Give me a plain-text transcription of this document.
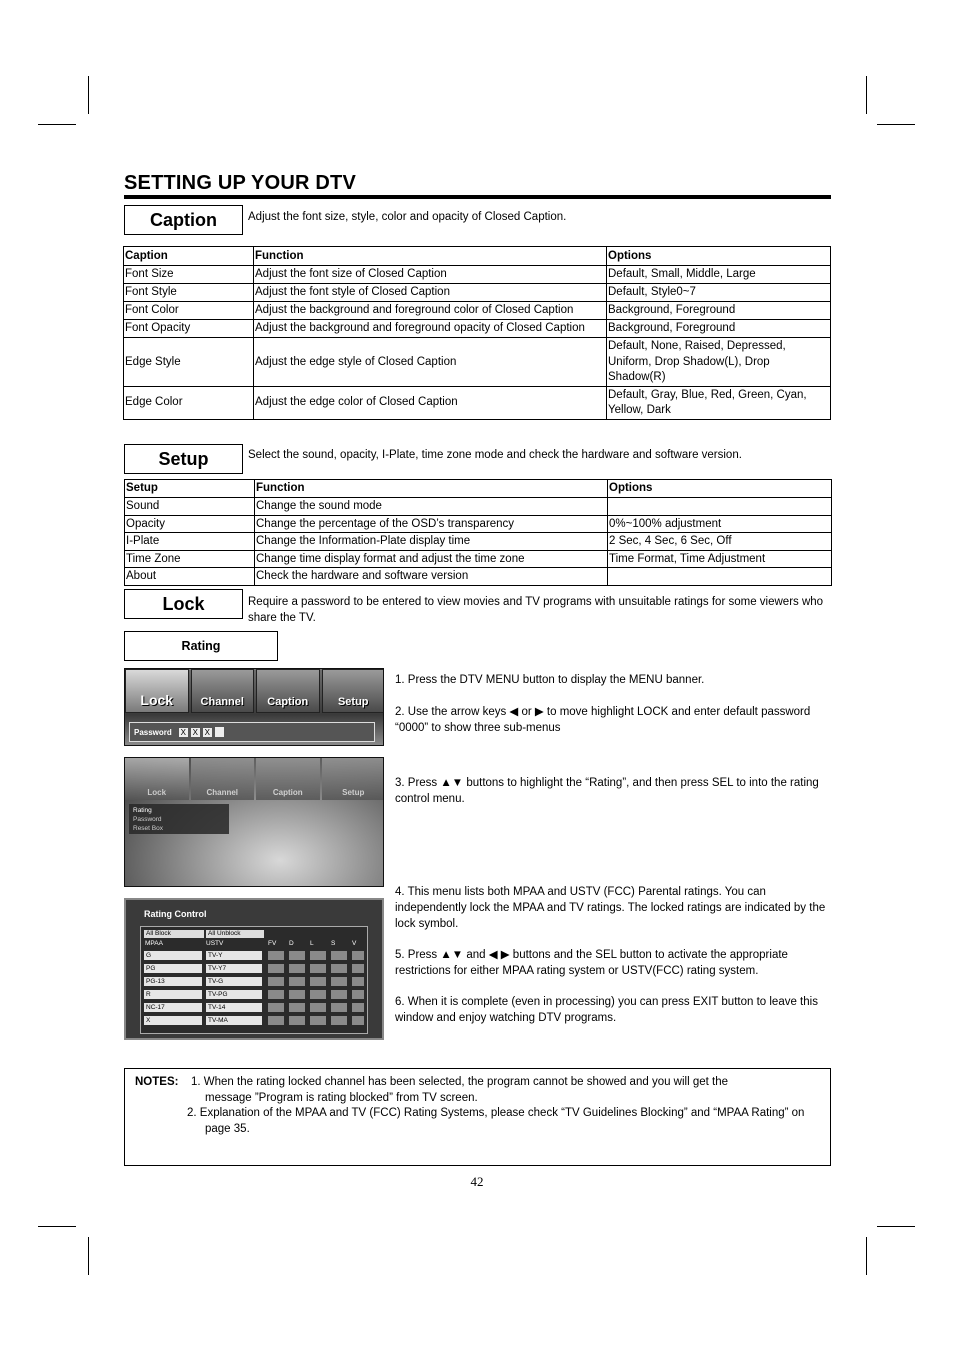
SETTING UP YOUR DTV
Caption	Adjust the font size, style, color and opacity of Closed Caption.
Caption	Function	Options
Font Size	Adjust the font size of Closed Caption	Default, Small, Middle, Large
Font Style	Adjust the font style of Closed Caption	Default, Style0~7
Font Color	Adjust the background and foreground color of Closed Caption	Background, Foreground
Font Opacity	Adjust the background and foreground opacity of Closed Caption	Background, Foreground
Edge Style	Adjust the edge style of Closed Caption	Default, None, Raised, Depressed, Uniform, Drop Shadow(L), Drop Shadow(R)
Edge Color	Adjust the edge color of Closed Caption	Default, Gray, Blue, Red, Green, Cyan, Yellow, Dark
Setup	Select the sound, opacity, I-Plate, time zone mode and check the hardware and software version.
Setup	Function	Options
Sound	Change the sound mode	
Opacity	Change the percentage of the OSD’s transparency	0%~100% adjustment
I-Plate	Change the Information-Plate display time	2 Sec, 4 Sec, 6 Sec, Off
Time Zone	Change time display format and adjust the time zone	Time Format, Time Adjustment
About	Check the hardware and software version	
Lock	Require a password to be entered to view movies and TV programs with unsuitable ratings for some viewers who share the TV.
Rating
Lock Channel Caption	Setup
Password X X X
Lock	Channel	Caption	Setup
Rating
Password
Reset Box
Rating Control
All Block	All Unblock
MPAA	USTV	FV	D	L	S	V
G	TV-Y
PG	TV-Y7
PG-13	TV-G
R	TV-PG
NC-17	TV-14
X	TV-MA

1. Press the DTV MENU button to display the MENU banner.

2. Use the arrow keys ◀ or ▶ to move highlight LOCK and enter default password “0000” to show three sub-menus

3. Press ▲▼ buttons to highlight the “Rating”, and then press SEL to into the rating control menu.

4. This menu lists both MPAA and USTV (FCC) Parental ratings. You can independently lock the MPAA and TV ratings. The locked ratings are indicated by the lock symbol.

5. Press ▲▼ and ◀ ▶ buttons and the SEL button to activate the appropriate restrictions for either MPAA rating system or USTV(FCC) rating system.

6. When it is complete (even in processing) you can press EXIT button to leave this window and enjoy watching DTV programs.

NOTES: 1. When the rating locked channel has been selected, the program cannot be showed and you will get the
message ”Program is rating blocked” from TV screen.
2. Explanation of the MPAA and TV (FCC) Rating Systems, please check “TV Guidelines Blocking” and “MPAA Rating” on
page 35.
42
